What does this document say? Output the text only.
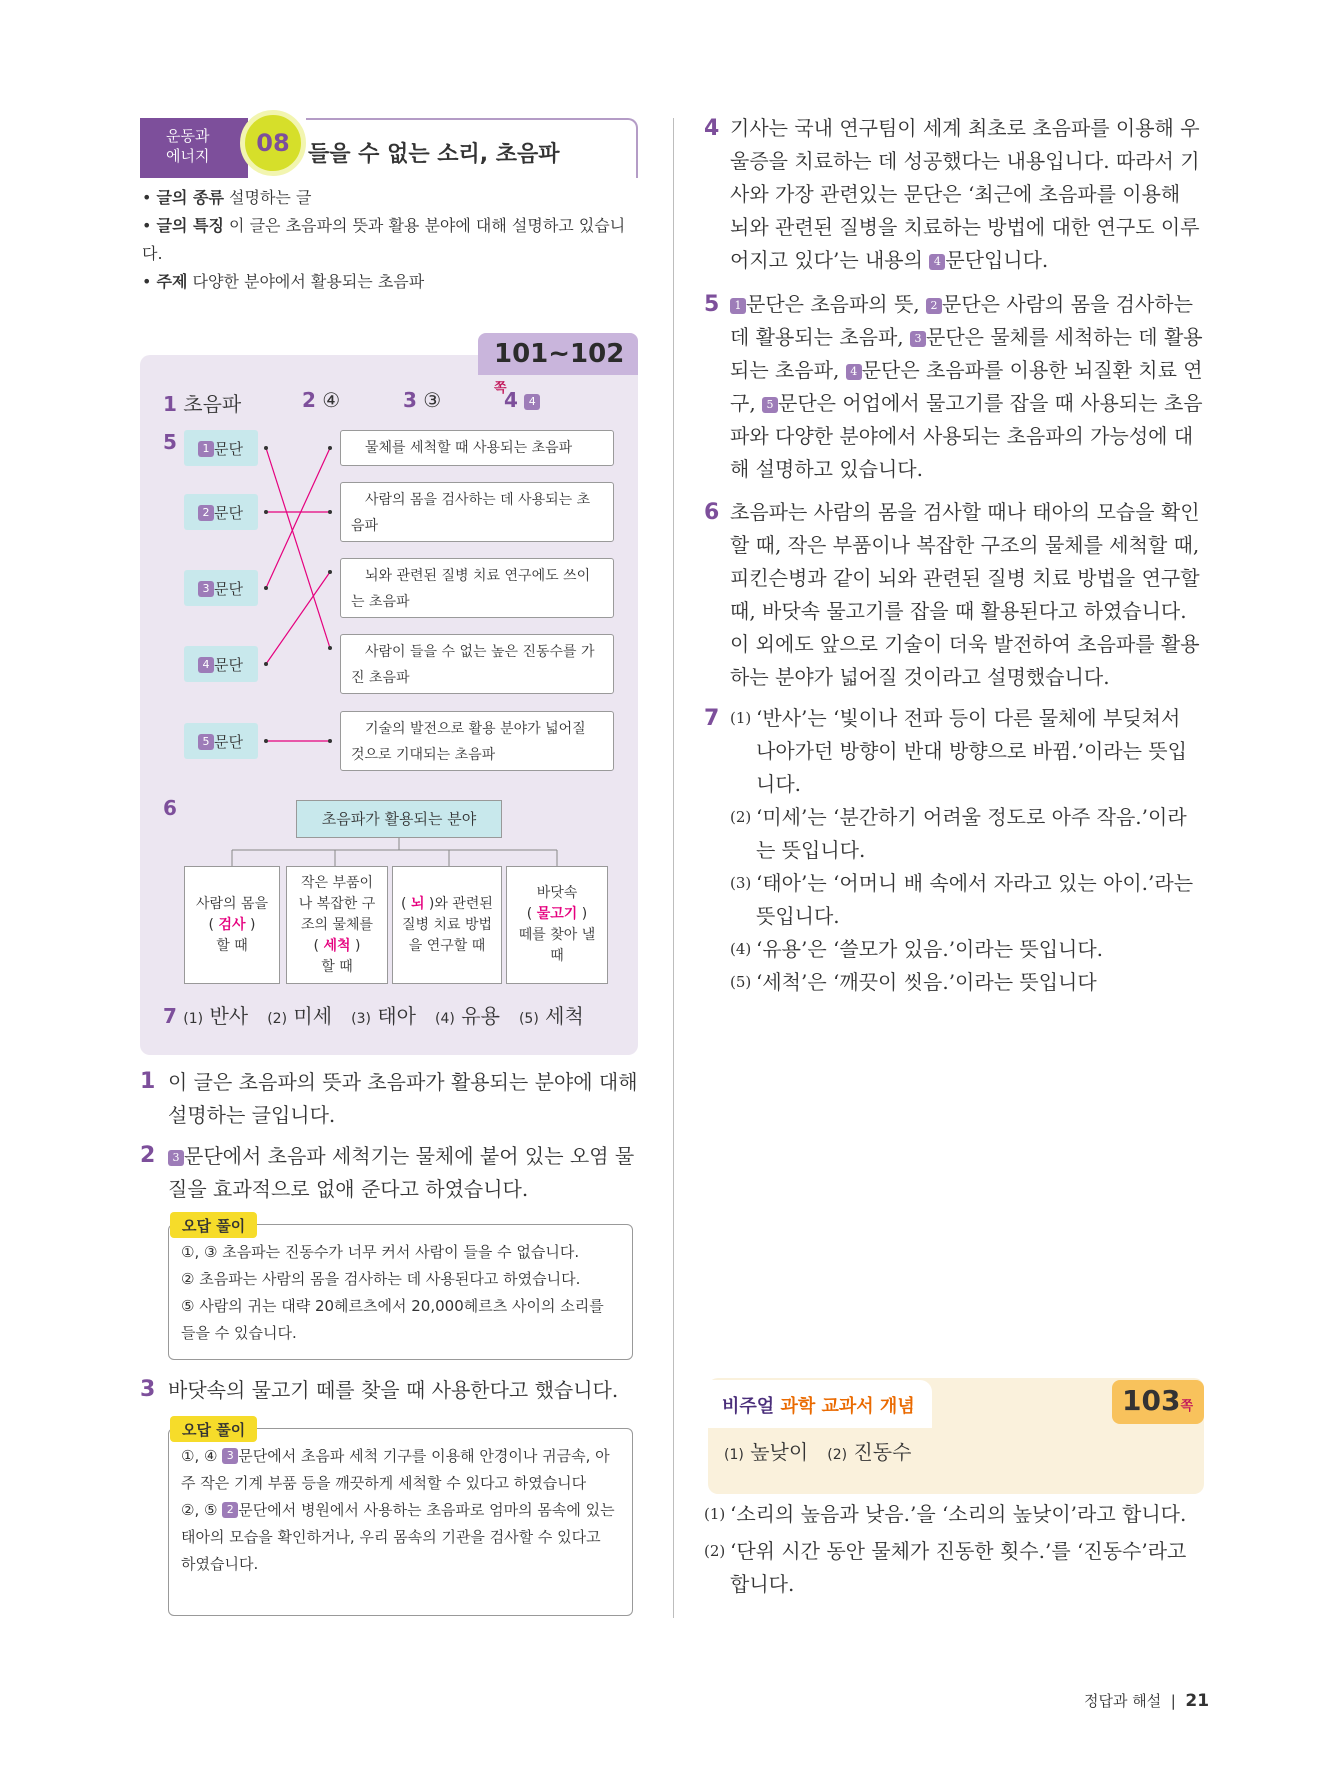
운동과
에너지	08 들을 수 없는 소리, 초음파
• 글의 종류 설명하는 글
• 글의 특징 이 글은 초음파의 뜻과 활용 분야에 대해 설명하고 있습니다.
• 주제 다양한 분야에서 활용되는 초음파
101~102 쪽
1 초음파	2 ④	3 ③	4 4
5	1 문단
2 문단
3 문단
4 문단
5 문단
물체를 세척할 때 사용되는 초음파
사람의 몸을 검사하는 데 사용되는 초음파
뇌와 관련된 질병 치료 연구에도 쓰이는 초음파
사람이 들을 수 없는 높은 진동수를 가진 초음파
기술의 발전으로 활용 분야가 넓어질 것으로 기대되는 초음파
6	초음파가 활용되는 분야
사람의 몸을
( 검사 )
할 때
작은 부품이 나 복잡한 구 조의 물체를
( 세척 )
할 때
( 뇌 )와 관련된 질병 치료 방법을 연구할 때
바닷속
( 물고기 )
떼를 찾아 낼 때
7 (1) 반사 (2) 미세 (3) 태아 (4) 유용 (5) 세척
1 이 글은 초음파의 뜻과 초음파가 활용되는 분야에 대해 설명하는 글입니다.
2	3 문단에서 초음파 세척기는 물체에 붙어 있는 오염 물질을 효과적으로 없애 준다고 하였습니다.
①, ③ 초음파는 진동수가 너무 커서 사람이 들을 수 없습니다.
② 초음파는 사람의 몸을 검사하는 데 사용된다고 하였습니다.
⑤ 사람의 귀는 대략 20헤르츠에서 20,000헤르츠 사이의 소리를 들을 수 있습니다.
오답 풀이
3 바닷속의 물고기 떼를 찾을 때 사용한다고 했습니다.
①, ④ 3 문단에서 초음파 세척 기구를 이용해 안경이나 귀금속, 아주 작은 기계 부품 등을 깨끗하게 세척할 수 있다고 하였습니다
②, ⑤ 2 문단에서 병원에서 사용하는 초음파로 엄마의 몸속에 있는 태아의 모습을 확인하거나, 우리 몸속의 기관을 검사할 수 있다고 하였습니다.
오답 풀이
4 기사는 국내 연구팀이 세계 최초로 초음파를 이용해 우울증을 치료하는 데 성공했다는 내용입니다. 따라서 기사와 가장 관련있는 문단은 ‘최근에 초음파를 이용해 뇌와 관련된 질병을 치료하는 방법에 대한 연구도 이루어지고 있다’는 내용의 4 문단입니다.
5	1 문단은 초음파의 뜻, 2 문단은 사람의 몸을 검사하는 데 활용되는 초음파, 3 문단은 물체를 세척하는 데 활용되는 초음파, 4 문단은 초음파를 이용한 뇌질환 치료 연구, 5 문단은 어업에서 물고기를 잡을 때 사용되는 초음파와 다양한 분야에서 사용되는 초음파의 가능성에 대해 설명하고 있습니다.
6 초음파는 사람의 몸을 검사할 때나 태아의 모습을 확인할 때, 작은 부품이나 복잡한 구조의 물체를 세척할 때, 피킨슨병과 같이 뇌와 관련된 질병 치료 방법을 연구할 때, 바닷속 물고기를 잡을 때 활용된다고 하였습니다. 이 외에도 앞으로 기술이 더욱 발전하여 초음파를 활용하는 분야가 넓어질 것이라고 설명했습니다.
7 (1) ‘반사’는 ‘빛이나 전파 등이 다른 물체에 부딪쳐서 나아가던 방향이 반대 방향으로 바뀜.’이라는 뜻입니다.
(2) ‘미세’는 ‘분간하기 어려울 정도로 아주 작음.’이라는 뜻입니다.
(3) ‘태아’는 ‘어머니 배 속에서 자라고 있는 아이.’라는 뜻입니다.
(4) ‘유용’은 ‘쓸모가 있음.’이라는 뜻입니다.
(5) ‘세척’은 ‘깨끗이 씻음.’이라는 뜻입니다
비주얼 과학 교과서 개념	103쪽
(1) 높낮이 (2) 진동수
(1) ‘소리의 높음과 낮음.’을 ‘소리의 높낮이’라고 합니다.
(2) ‘단위 시간 동안 물체가 진동한 횟수.’를 ‘진동수’라고 합니다.
정답과 해설  |  21
